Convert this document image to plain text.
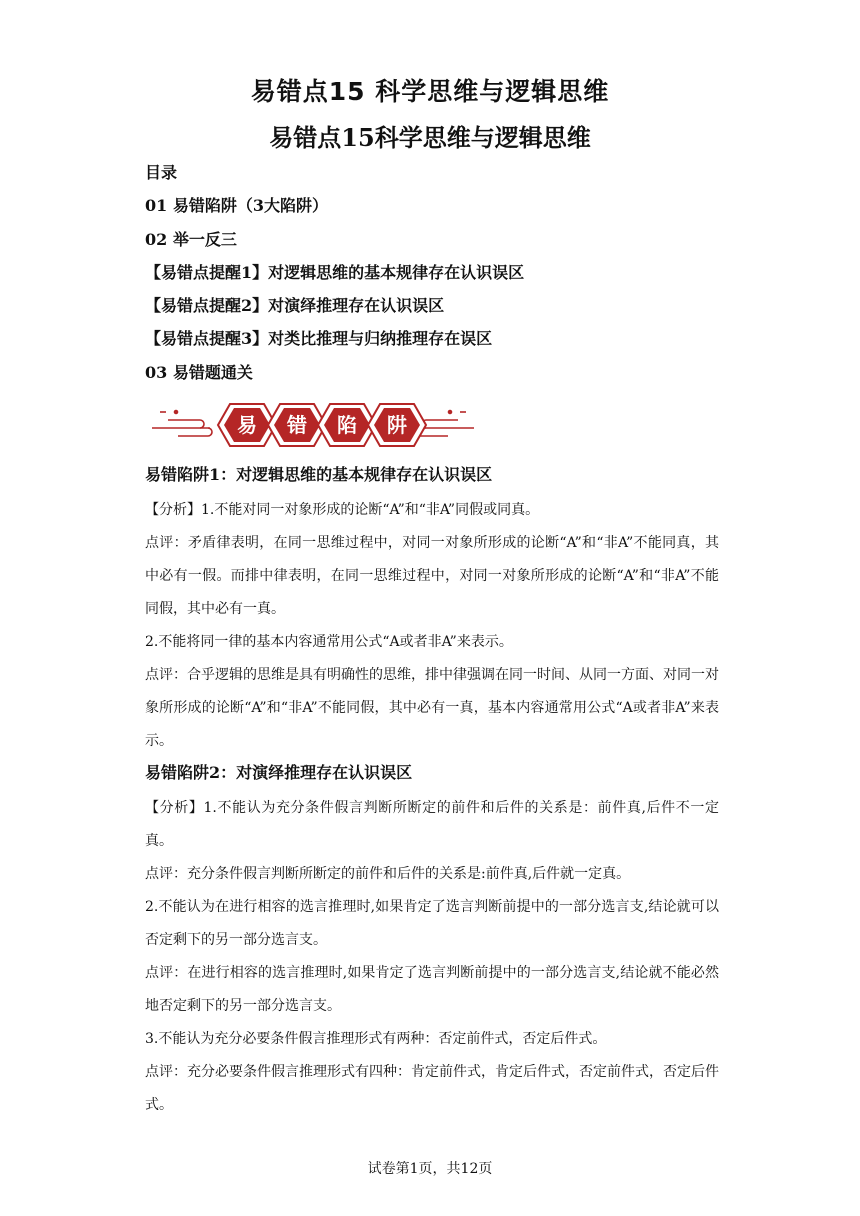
易错点15 科学思维与逻辑思维
易错点15科学思维与逻辑思维
目录
01 易错陷阱（3大陷阱）
02 举一反三
【易错点提醒1】对逻辑思维的基本规律存在认识误区
【易错点提醒2】对演绎推理存在认识误区
【易错点提醒3】对类比推理与归纳推理存在误区
03 易错题通关
易 错 陷 阱
易错陷阱1：对逻辑思维的基本规律存在认识误区
【分析】1.不能对同一对象形成的论断“A”和“非A”同假或同真。
点评：矛盾律表明，在同一思维过程中，对同一对象所形成的论断“A”和“非A”不能同真，其中必有一假。而排中律表明，在同一思维过程中，对同一对象所形成的论断“A”和“非A”不能同假，其中必有一真。
2.不能将同一律的基本内容通常用公式“A或者非A”来表示。
点评：合乎逻辑的思维是具有明确性的思维，排中律强调在同一时间、从同一方面、对同一对象所形成的论断“A”和“非A”不能同假，其中必有一真，基本内容通常用公式“A或者非A”来表示。
易错陷阱2：对演绎推理存在认识误区
【分析】1.不能认为充分条件假言判断所断定的前件和后件的关系是：前件真,后件不一定真。
点评：充分条件假言判断所断定的前件和后件的关系是:前件真,后件就一定真。
2.不能认为在进行相容的选言推理时,如果肯定了选言判断前提中的一部分选言支,结论就可以否定剩下的另一部分选言支。
点评：在进行相容的选言推理时,如果肯定了选言判断前提中的一部分选言支,结论就不能必然地否定剩下的另一部分选言支。
3.不能认为充分必要条件假言推理形式有两种：否定前件式，否定后件式。
点评：充分必要条件假言推理形式有四种：肯定前件式，肯定后件式，否定前件式，否定后件式。
试卷第1页，共12页
